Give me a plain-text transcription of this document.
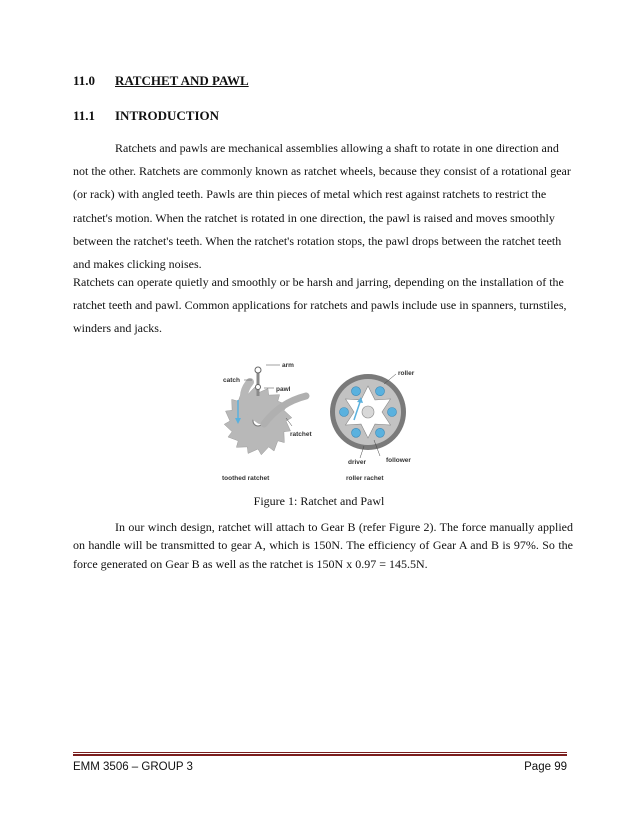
11.0 RATCHET AND PAWL
11.1 INTRODUCTION

Ratchets and pawls are mechanical assemblies allowing a shaft to rotate in one direction and not the other. Ratchets are commonly known as ratchet wheels, because they consist of a rotational gear (or rack) with angled teeth. Pawls are thin pieces of metal which rest against ratchets to restrict the ratchet's motion. When the ratchet is rotated in one direction, the pawl is raised and moves smoothly between the ratchet's teeth. When the ratchet's rotation stops, the pawl drops between the ratchet teeth and makes clicking noises.

Ratchets can operate quietly and smoothly or be harsh and jarring, depending on the installation of the ratchet teeth and pawl. Common applications for ratchets and pawls include use in spanners, turnstiles, winders and jacks.

arm
catch
pawl
ratchet
toothed ratchet
roller
driver	follower
roller rachet
Figure 1: Ratchet and Pawl

In our winch design, ratchet will attach to Gear B (refer Figure 2). The force manually applied on handle will be transmitted to gear A, which is 150N. The efficiency of Gear A and B is 97%. So the force generated on Gear B as well as the ratchet is 150N x 0.97 = 145.5N.

EMM 3506 – GROUP 3	Page 99
